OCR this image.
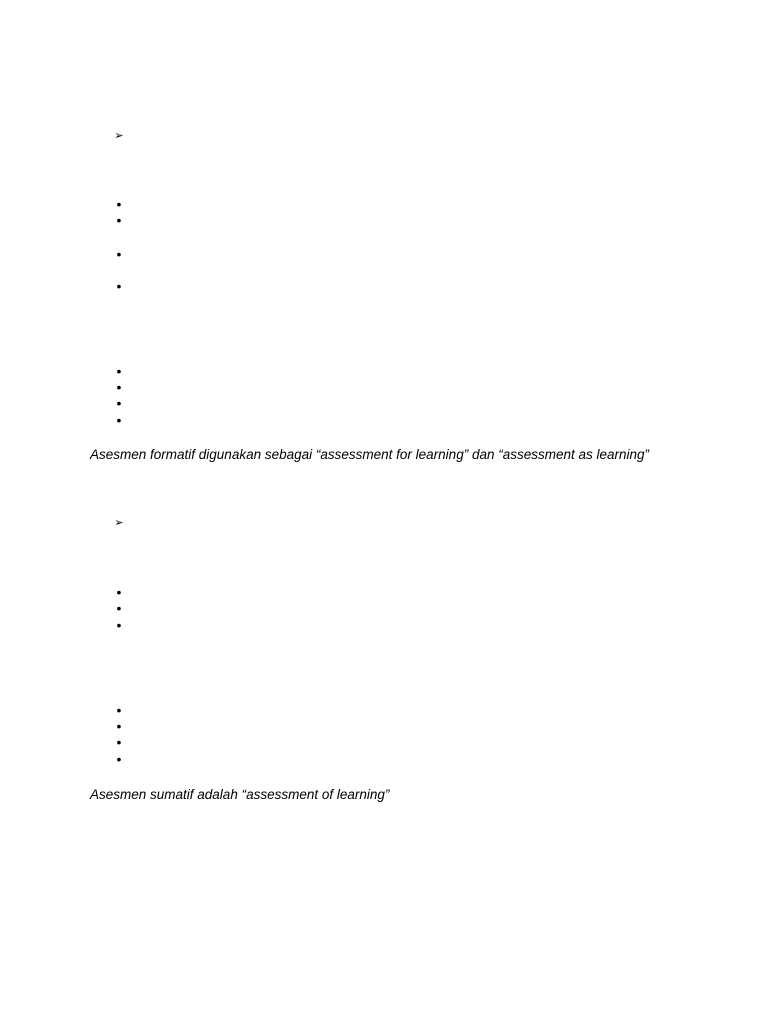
➢
•
•
•
•
•
•
•
•
Asesmen formatif digunakan sebagai “assessment for learning” dan “assessment as learning”
➢
•
•
•
•
•
•
•
Asesmen sumatif adalah “assessment of learning”
